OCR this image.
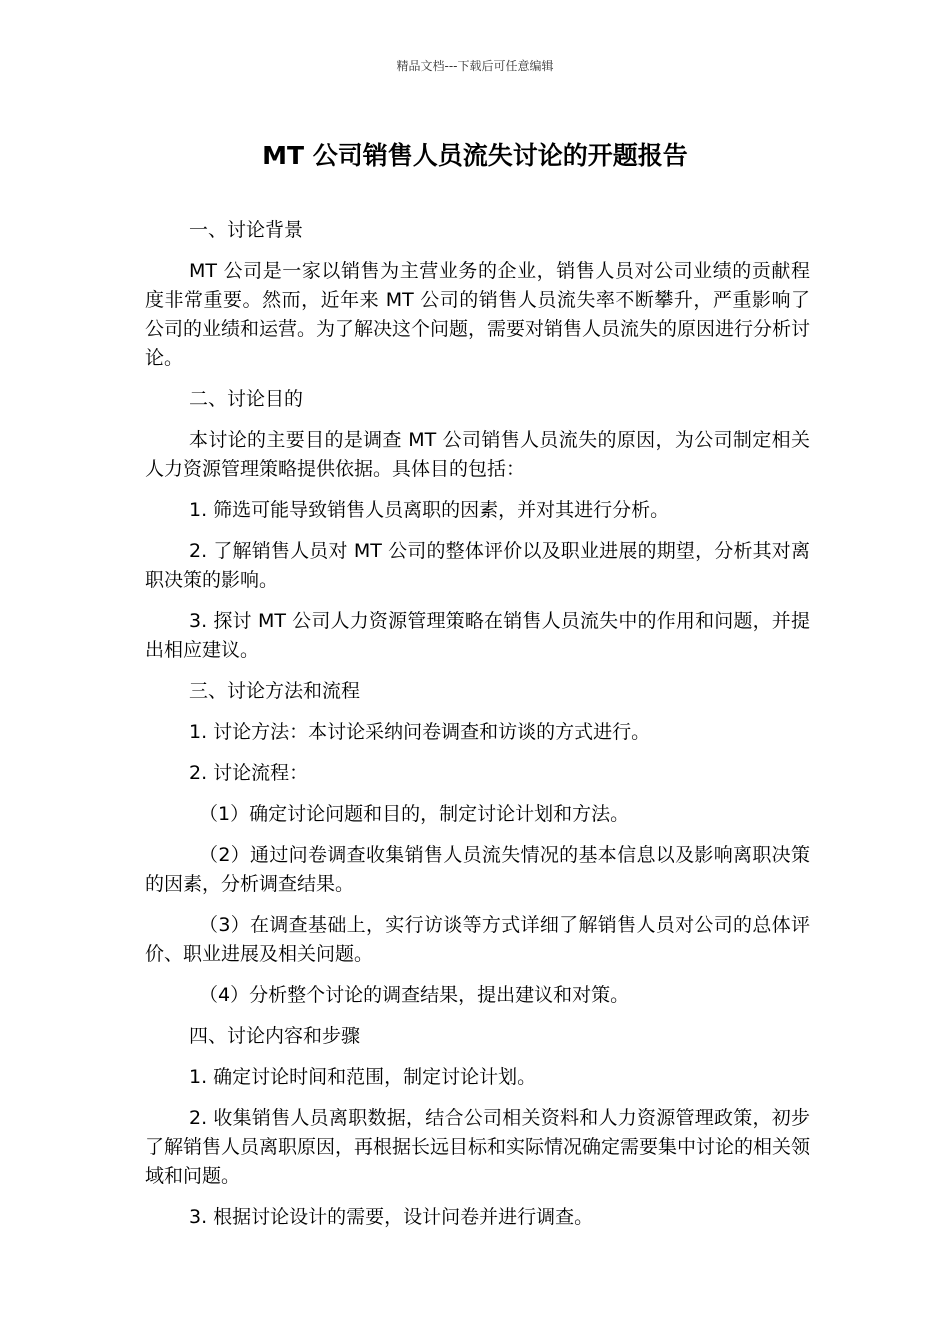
精品文档---下载后可任意编辑
MT 公司销售人员流失讨论的开题报告

一、讨论背景

MT 公司是一家以销售为主营业务的企业，销售人员对公司业绩的贡献程度非常重要。然而，近年来 MT 公司的销售人员流失率不断攀升，严重影响了公司的业绩和运营。为了解决这个问题，需要对销售人员流失的原因进行分析讨论。

二、讨论目的

本讨论的主要目的是调查 MT 公司销售人员流失的原因，为公司制定相关人力资源管理策略提供依据。具体目的包括：

1. 筛选可能导致销售人员离职的因素，并对其进行分析。

2. 了解销售人员对 MT 公司的整体评价以及职业进展的期望，分析其对离职决策的影响。

3. 探讨 MT 公司人力资源管理策略在销售人员流失中的作用和问题，并提出相应建议。

三、讨论方法和流程

1. 讨论方法：本讨论采纳问卷调查和访谈的方式进行。

2. 讨论流程：

（1）确定讨论问题和目的，制定讨论计划和方法。

（2）通过问卷调查收集销售人员流失情况的基本信息以及影响离职决策的因素，分析调查结果。

（3）在调查基础上，实行访谈等方式详细了解销售人员对公司的总体评价、职业进展及相关问题。

（4）分析整个讨论的调查结果，提出建议和对策。

四、讨论内容和步骤

1. 确定讨论时间和范围，制定讨论计划。

2. 收集销售人员离职数据，结合公司相关资料和人力资源管理政策，初步了解销售人员离职原因，再根据长远目标和实际情况确定需要集中讨论的相关领域和问题。

3. 根据讨论设计的需要，设计问卷并进行调查。
